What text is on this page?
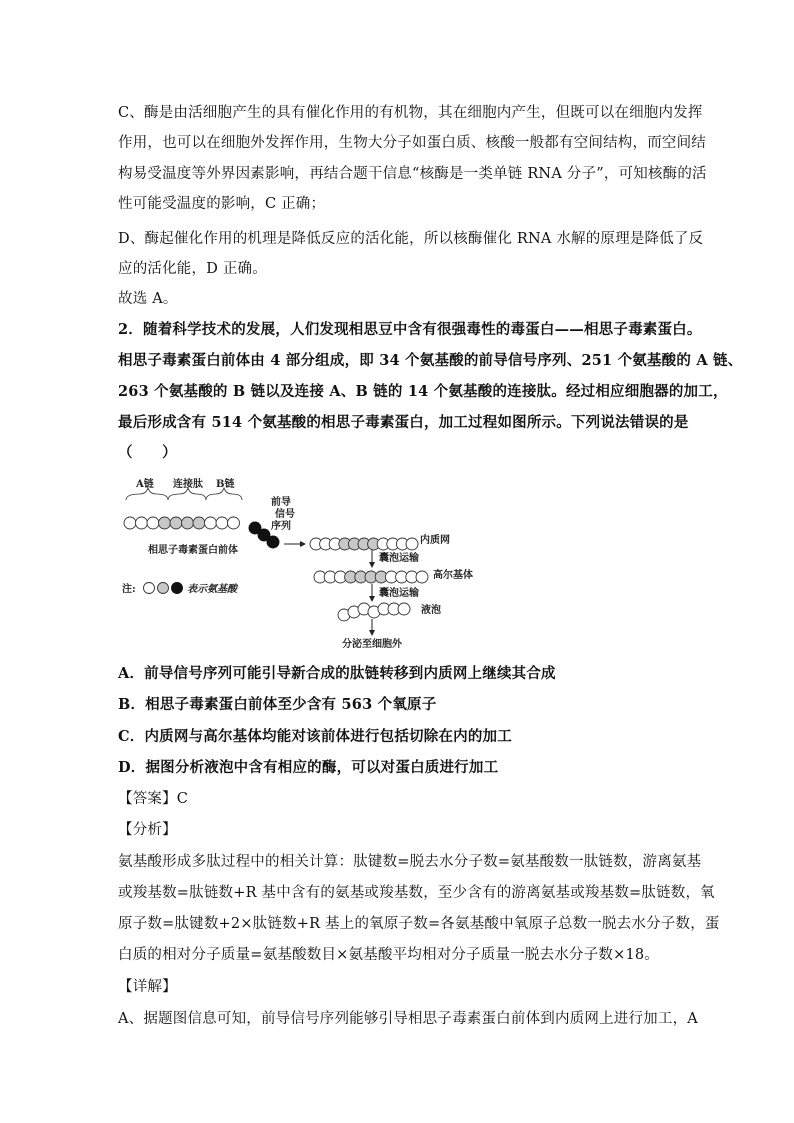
C、酶是由活细胞产生的具有催化作用的有机物，其在细胞内产生，但既可以在细胞内发挥
作用，也可以在细胞外发挥作用，生物大分子如蛋白质、核酸一般都有空间结构，而空间结
构易受温度等外界因素影响，再结合题干信息“核酶是一类单链 RNA 分子”，可知核酶的活
性可能受温度的影响，C 正确；
D、酶起催化作用的机理是降低反应的活化能，所以核酶催化 RNA 水解的原理是降低了反
应的活化能，D 正确。
故选 A。
2．随着科学技术的发展，人们发现相思豆中含有很强毒性的毒蛋白——相思子毒素蛋白。
相思子毒素蛋白前体由 4 部分组成，即 34 个氨基酸的前导信号序列、251 个氨基酸的 A 链、
263 个氨基酸的 B 链以及连接 A、B 链的 14 个氨基酸的连接肽。经过相应细胞器的加工，
最后形成含有 514 个氨基酸的相思子毒素蛋白，加工过程如图所示。下列说法错误的是
（　　）
A链 连接肽 B链
前导
信号
序列
相思子毒素蛋白前体
内质网
囊泡运输
高尔基体
囊泡运输
液泡
分泌至细胞外
注:	表示氨基酸
A．前导信号序列可能引导新合成的肽链转移到内质网上继续其合成
B．相思子毒素蛋白前体至少含有 563 个氧原子
C．内质网与高尔基体均能对该前体进行包括切除在内的加工
D．据图分析液泡中含有相应的酶，可以对蛋白质进行加工
【答案】C
【分析】
氨基酸形成多肽过程中的相关计算：肽键数=脱去水分子数=氨基酸数一肽链数，游离氨基
或羧基数=肽链数+R 基中含有的氨基或羧基数，至少含有的游离氨基或羧基数=肽链数，氧
原子数=肽键数+2×肽链数+R 基上的氧原子数=各氨基酸中氧原子总数一脱去水分子数，蛋
白质的相对分子质量=氨基酸数目×氨基酸平均相对分子质量一脱去水分子数×18。
【详解】
A、据题图信息可知，前导信号序列能够引导相思子毒素蛋白前体到内质网上进行加工，A
